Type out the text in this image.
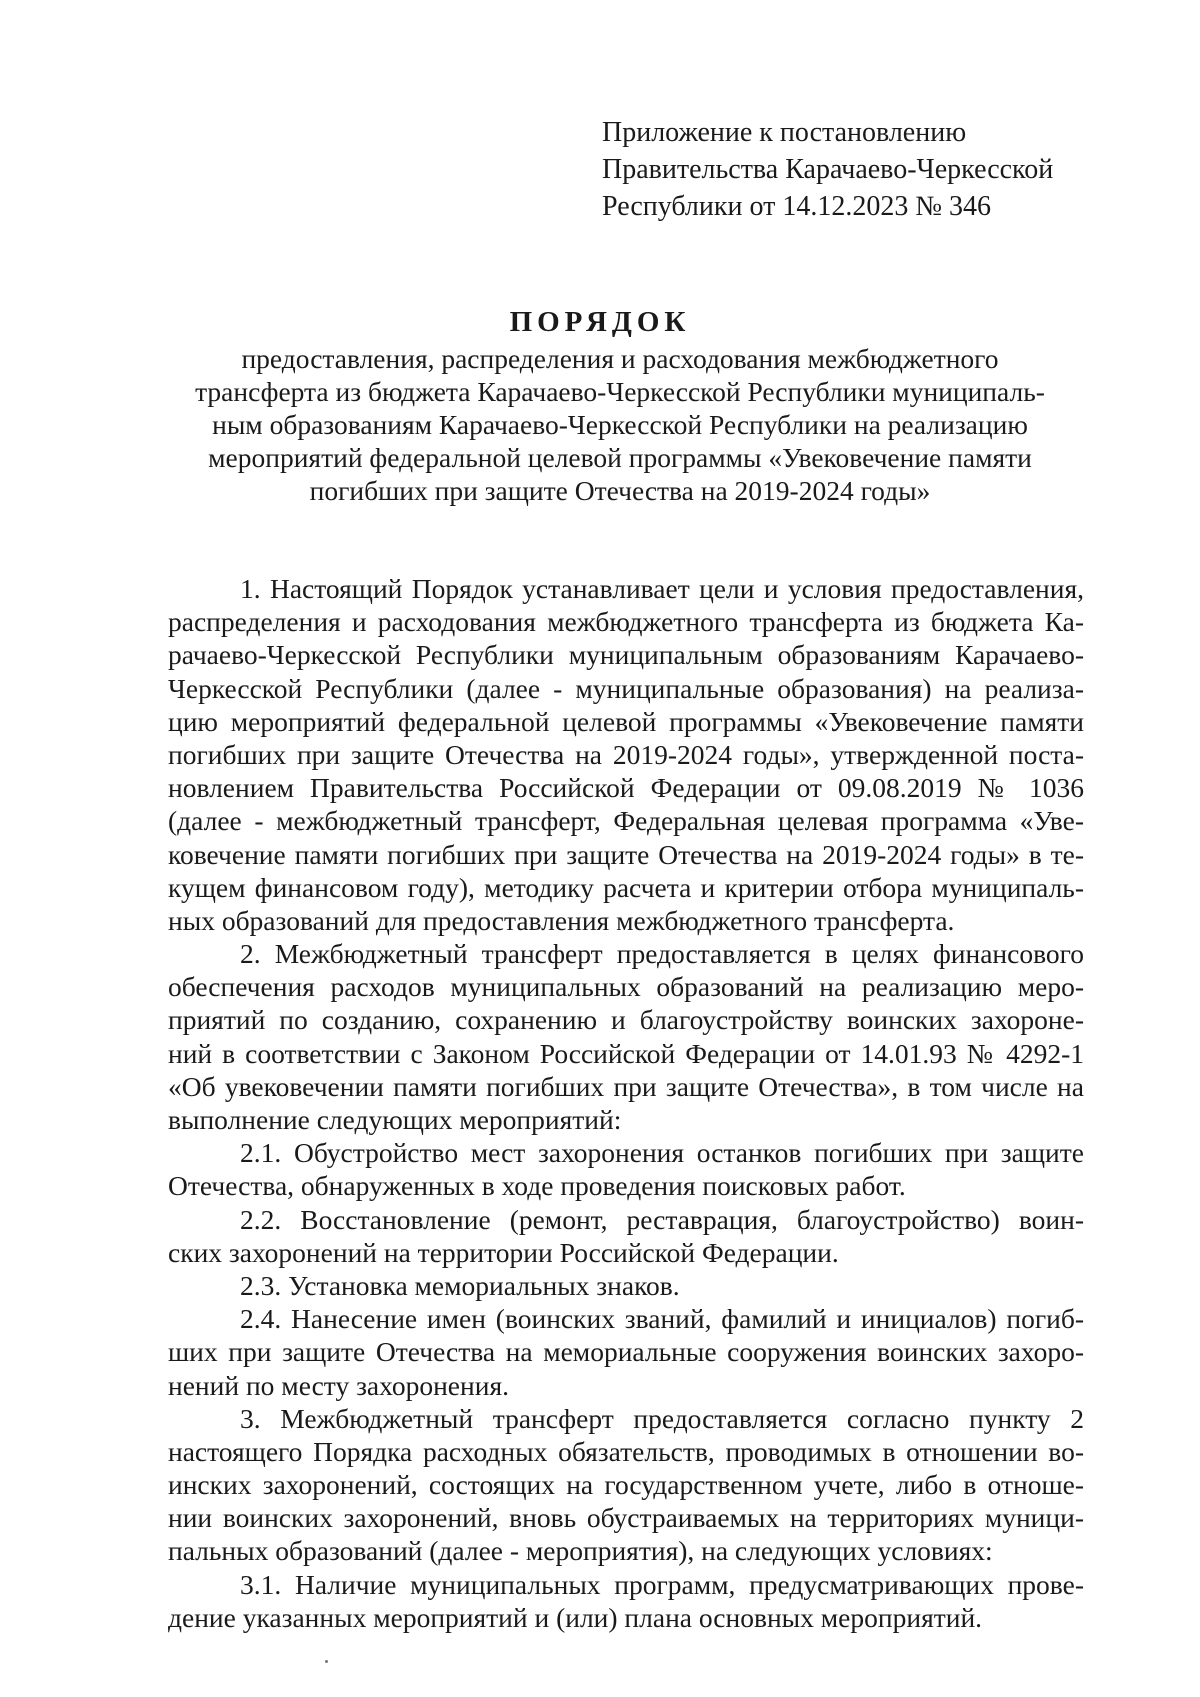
Приложение к постановлению
Правительства Карачаево-Черкесской
Республики от 14.12.2023 № 346
ПОРЯДОК
предоставления, распределения и расходования межбюджетного
трансферта из бюджета Карачаево-Черкесской Республики муниципаль-
ным образованиям Карачаево-Черкесской Республики на реализацию
мероприятий федеральной целевой программы «Увековечение памяти
погибших при защите Отечества на 2019-2024 годы»
1. Настоящий Порядок устанавливает цели и условия предоставления,
распределения и расходования межбюджетного трансферта из бюджета Ка-
рачаево-Черкесской Республики муниципальным образованиям Карачаево-
Черкесской Республики (далее - муниципальные образования) на реализа-
цию мероприятий федеральной целевой программы «Увековечение памяти
погибших при защите Отечества на 2019-2024 годы», утвержденной поста-
новлением Правительства Российской Федерации от 09.08.2019 № 1036
(далее - межбюджетный трансферт, Федеральная целевая программа «Уве-
ковечение памяти погибших при защите Отечества на 2019-2024 годы» в те-
кущем финансовом году), методику расчета и критерии отбора муниципаль-
ных образований для предоставления межбюджетного трансферта.
2. Межбюджетный трансферт предоставляется в целях финансового
обеспечения расходов муниципальных образований на реализацию меро-
приятий по созданию, сохранению и благоустройству воинских захороне-
ний в соответствии с Законом Российской Федерации от 14.01.93 № 4292-1
«Об увековечении памяти погибших при защите Отечества», в том числе на
выполнение следующих мероприятий:
2.1. Обустройство мест захоронения останков погибших при защите
Отечества, обнаруженных в ходе проведения поисковых работ.
2.2. Восстановление (ремонт, реставрация, благоустройство) воин-
ских захоронений на территории Российской Федерации.
2.3. Установка мемориальных знаков.
2.4. Нанесение имен (воинских званий, фамилий и инициалов) погиб-
ших при защите Отечества на мемориальные сооружения воинских захоро-
нений по месту захоронения.
3. Межбюджетный трансферт предоставляется согласно пункту 2
настоящего Порядка расходных обязательств, проводимых в отношении во-
инских захоронений, состоящих на государственном учете, либо в отноше-
нии воинских захоронений, вновь обустраиваемых на территориях муници-
пальных образований (далее - мероприятия), на следующих условиях:
3.1. Наличие муниципальных программ, предусматривающих прове-
дение указанных мероприятий и (или) плана основных мероприятий.
